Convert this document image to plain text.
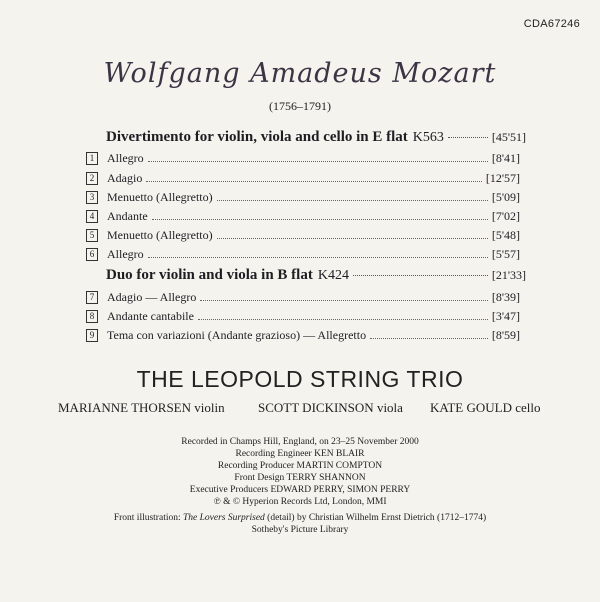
CDA67246
Wolfgang Amadeus Mozart
(1756–1791)
Divertimento for violin, viola and cello in E flat K563	[45'51]
1	Allegro	[8'41]
2	Adagio	[12'57]
3	Menuetto (Allegretto)	[5'09]
4	Andante	[7'02]
5	Menuetto (Allegretto)	[5'48]
6	Allegro	[5'57]
Duo for violin and viola in B flat K424	[21'33]
7	Adagio — Allegro	[8'39]
8	Andante cantabile	[3'47]
9	Tema con variazioni (Andante grazioso) — Allegretto	[8'59]
THE LEOPOLD STRING TRIO
MARIANNE THORSEN violin	SCOTT DICKINSON viola KATE GOULD cello
Recorded in Champs Hill, England, on 23–25 November 2000
Recording Engineer KEN BLAIR
Recording Producer MARTIN COMPTON
Front Design TERRY SHANNON
Executive Producers EDWARD PERRY, SIMON PERRY
℗ & © Hyperion Records Ltd, London, MMI
Front illustration: The Lovers Surprised (detail) by Christian Wilhelm Ernst Dietrich (1712–1774)
Sotheby's Picture Library
